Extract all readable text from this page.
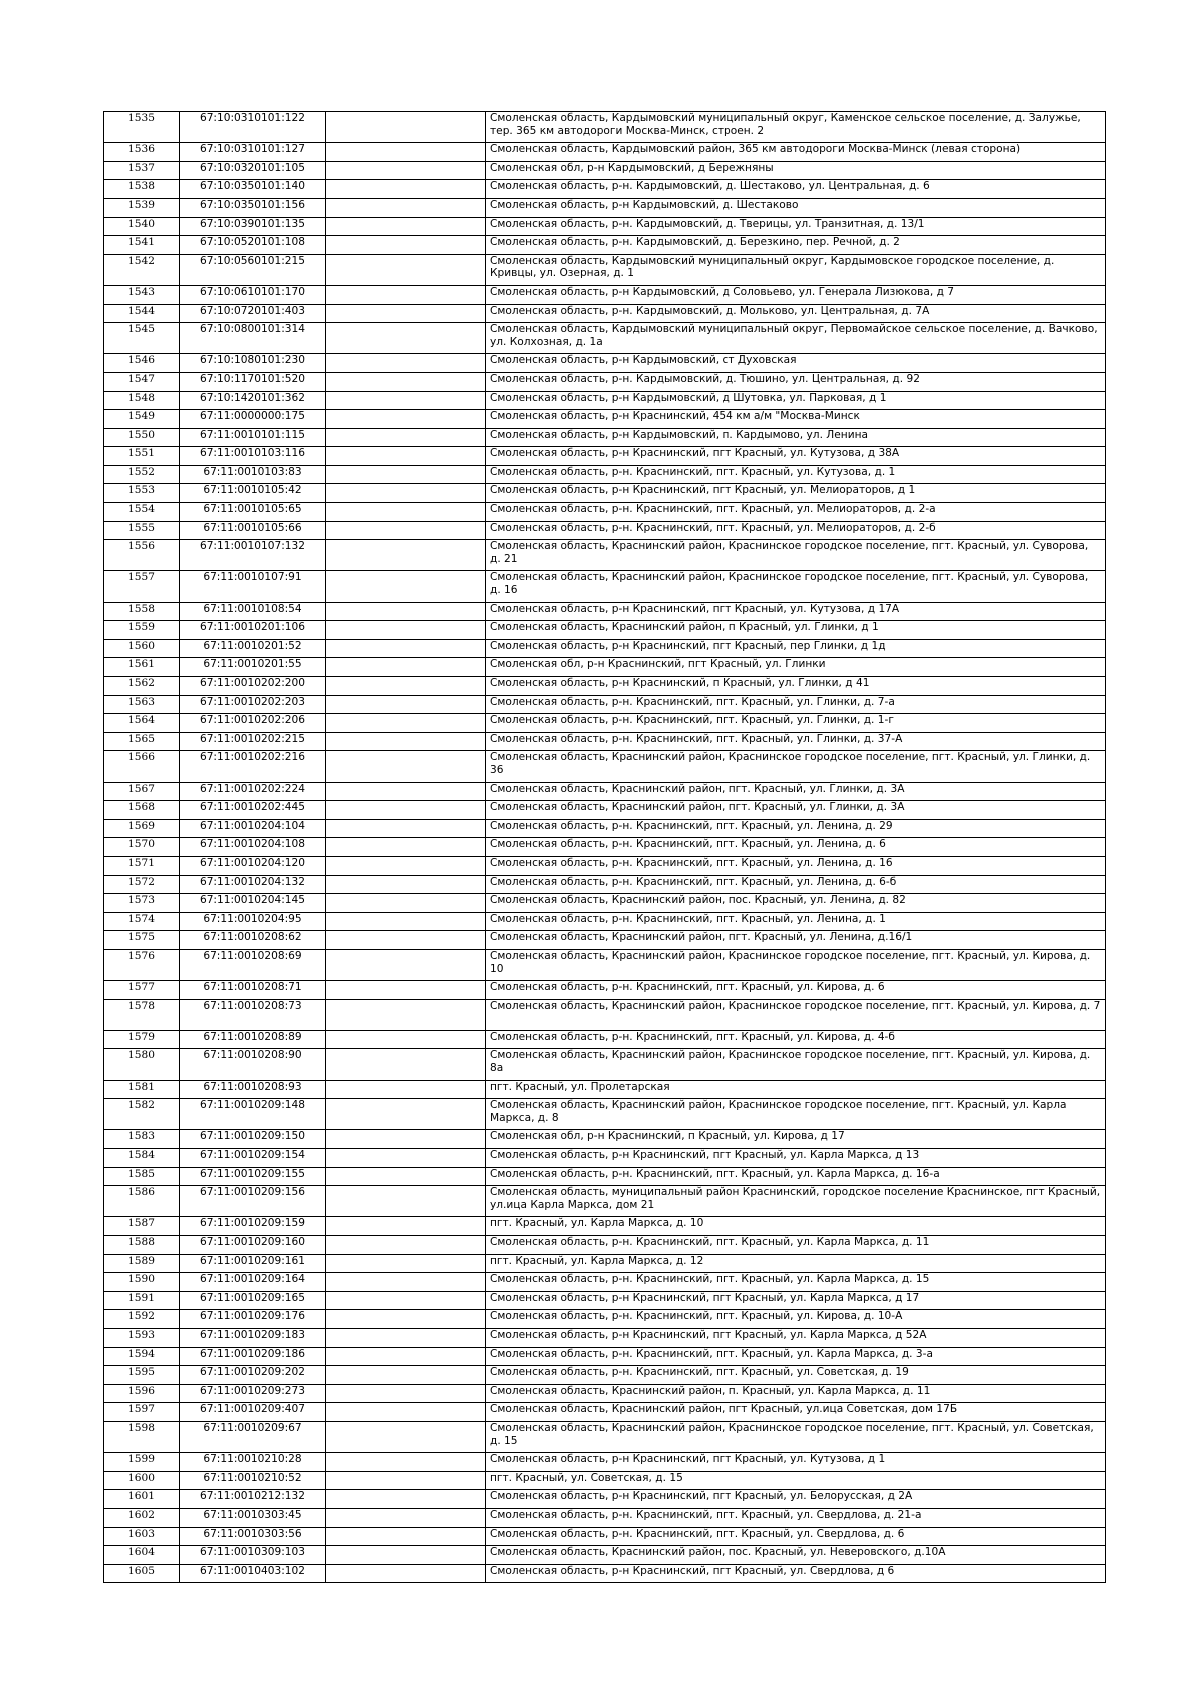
1535	67:10:0310101:122		Смоленская область, Кардымовский муниципальный округ, Каменское сельское поселение, д. Залужье, тер. 365 км автодороги Москва-Минск, строен. 2
1536	67:10:0310101:127		Смоленская область, Кардымовский район, 365 км автодороги Москва-Минск (левая сторона)
1537	67:10:0320101:105		Смоленская обл, р-н Кардымовский, д Бережняны
1538	67:10:0350101:140		Смоленская область, р-н. Кардымовский, д. Шестаково, ул. Центральная, д. 6
1539	67:10:0350101:156		Смоленская область, р-н Кардымовский, д. Шестаково
1540	67:10:0390101:135		Смоленская область, р-н. Кардымовский, д. Тверицы, ул. Транзитная, д. 13/1
1541	67:10:0520101:108		Смоленская область, р-н. Кардымовский, д. Березкино, пер. Речной, д. 2
1542	67:10:0560101:215		Смоленская область, Кардымовский муниципальный округ, Кардымовское городское поселение, д. Кривцы, ул. Озерная, д. 1
1543	67:10:0610101:170		Смоленская область, р-н Кардымовский, д Соловьево, ул. Генерала Лизюкова, д 7
1544	67:10:0720101:403		Смоленская область, р-н. Кардымовский, д. Мольково, ул. Центральная, д. 7А
1545	67:10:0800101:314		Смоленская область, Кардымовский муниципальный округ, Первомайское сельское поселение, д. Вачково, ул. Колхозная, д. 1а
1546	67:10:1080101:230		Смоленская область, р-н Кардымовский, ст Духовская
1547	67:10:1170101:520		Смоленская область, р-н. Кардымовский, д. Тюшино, ул. Центральная, д. 92
1548	67:10:1420101:362		Смоленская область, р-н Кардымовский, д Шутовка, ул. Парковая, д 1
1549	67:11:0000000:175		Смоленская область, р-н Краснинский, 454 км а/м "Москва-Минск
1550	67:11:0010101:115		Смоленская область, р-н Кардымовский, п. Кардымово, ул. Ленина
1551	67:11:0010103:116		Смоленская область, р-н Краснинский, пгт Красный, ул. Кутузова, д 38А
1552	67:11:0010103:83		Смоленская область, р-н. Краснинский, пгт. Красный, ул. Кутузова, д. 1
1553	67:11:0010105:42		Смоленская область, р-н Краснинский, пгт Красный, ул. Мелиораторов, д 1
1554	67:11:0010105:65		Смоленская область, р-н. Краснинский, пгт. Красный, ул. Мелиораторов, д. 2-а
1555	67:11:0010105:66		Смоленская область, р-н. Краснинский, пгт. Красный, ул. Мелиораторов, д. 2-б
1556	67:11:0010107:132		Смоленская область, Краснинский район, Краснинское городское поселение, пгт. Красный, ул. Суворова, д. 21
1557	67:11:0010107:91		Смоленская область, Краснинский район, Краснинское городское поселение, пгт. Красный, ул. Суворова, д. 16
1558	67:11:0010108:54		Смоленская область, р-н Краснинский, пгт Красный, ул. Кутузова, д 17А
1559	67:11:0010201:106		Смоленская область, Краснинский район, п Красный, ул. Глинки, д 1
1560	67:11:0010201:52		Смоленская область, р-н Краснинский, пгт Красный, пер Глинки, д 1д
1561	67:11:0010201:55		Смоленская обл, р-н Краснинский, пгт Красный, ул. Глинки
1562	67:11:0010202:200		Смоленская область, р-н Краснинский, п Красный, ул. Глинки, д 41
1563	67:11:0010202:203		Смоленская область, р-н. Краснинский, пгт. Красный, ул. Глинки, д. 7-а
1564	67:11:0010202:206		Смоленская область, р-н. Краснинский, пгт. Красный, ул. Глинки, д. 1-г
1565	67:11:0010202:215		Смоленская область, р-н. Краснинский, пгт. Красный, ул. Глинки, д. 37-А
1566	67:11:0010202:216		Смоленская область, Краснинский район, Краснинское городское поселение, пгт. Красный, ул. Глинки, д. 36
1567	67:11:0010202:224		Смоленская область, Краснинский район, пгт. Красный, ул. Глинки, д. 3А
1568	67:11:0010202:445		Смоленская область, Краснинский район, пгт. Красный, ул. Глинки, д. 3А
1569	67:11:0010204:104		Смоленская область, р-н. Краснинский, пгт. Красный, ул. Ленина, д. 29
1570	67:11:0010204:108		Смоленская область, р-н. Краснинский, пгт. Красный, ул. Ленина, д. 6
1571	67:11:0010204:120		Смоленская область, р-н. Краснинский, пгт. Красный, ул. Ленина, д. 16
1572	67:11:0010204:132		Смоленская область, р-н. Краснинский, пгт. Красный, ул. Ленина, д. 6-б
1573	67:11:0010204:145		Смоленская область, Краснинский район, пос. Красный, ул. Ленина, д. 82
1574	67:11:0010204:95		Смоленская область, р-н. Краснинский, пгт. Красный, ул. Ленина, д. 1
1575	67:11:0010208:62		Смоленская область, Краснинский район, пгт. Красный, ул. Ленина, д.16/1
1576	67:11:0010208:69		Смоленская область, Краснинский район, Краснинское городское поселение, пгт. Красный, ул. Кирова, д. 10
1577	67:11:0010208:71		Смоленская область, р-н. Краснинский, пгт. Красный, ул. Кирова, д. 6
1578	67:11:0010208:73		Смоленская область, Краснинский район, Краснинское городское поселение, пгт. Красный, ул. Кирова, д. 7
1579	67:11:0010208:89		Смоленская область, р-н. Краснинский, пгт. Красный, ул. Кирова, д. 4-б
1580	67:11:0010208:90		Смоленская область, Краснинский район, Краснинское городское поселение, пгт. Красный, ул. Кирова, д. 8а
1581	67:11:0010208:93		пгт. Красный, ул. Пролетарская
1582	67:11:0010209:148		Смоленская область, Краснинский район, Краснинское городское поселение, пгт. Красный, ул. Карла Маркса, д. 8
1583	67:11:0010209:150		Смоленская обл, р-н Краснинский, п Красный, ул. Кирова, д 17
1584	67:11:0010209:154		Смоленская область, р-н Краснинский, пгт Красный, ул. Карла Маркса, д 13
1585	67:11:0010209:155		Смоленская область, р-н. Краснинский, пгт. Красный, ул. Карла Маркса, д. 16-а
1586	67:11:0010209:156		Смоленская область, муниципальный район Краснинский, городское поселение Краснинское, пгт Красный, ул.ица Карла Маркса, дом 21
1587	67:11:0010209:159		пгт. Красный, ул. Карла Маркса, д. 10
1588	67:11:0010209:160		Смоленская область, р-н. Краснинский, пгт. Красный, ул. Карла Маркса, д. 11
1589	67:11:0010209:161		пгт. Красный, ул. Карла Маркса, д. 12
1590	67:11:0010209:164		Смоленская область, р-н. Краснинский, пгт. Красный, ул. Карла Маркса, д. 15
1591	67:11:0010209:165		Смоленская область, р-н Краснинский, пгт Красный, ул. Карла Маркса, д 17
1592	67:11:0010209:176		Смоленская область, р-н. Краснинский, пгт. Красный, ул. Кирова, д. 10-А
1593	67:11:0010209:183		Смоленская область, р-н Краснинский, пгт Красный, ул. Карла Маркса, д 52А
1594	67:11:0010209:186		Смоленская область, р-н. Краснинский, пгт. Красный, ул. Карла Маркса, д. 3-а
1595	67:11:0010209:202		Смоленская область, р-н. Краснинский, пгт. Красный, ул. Советская, д. 19
1596	67:11:0010209:273		Смоленская область, Краснинский район, п. Красный, ул. Карла Маркса, д. 11
1597	67:11:0010209:407		Смоленская область, Краснинский район, пгт Красный, ул.ица Советская, дом 17Б
1598	67:11:0010209:67		Смоленская область, Краснинский район, Краснинское городское поселение, пгт. Красный, ул. Советская, д. 15
1599	67:11:0010210:28		Смоленская область, р-н Краснинский, пгт Красный, ул. Кутузова, д 1
1600	67:11:0010210:52		пгт. Красный, ул. Советская, д. 15
1601	67:11:0010212:132		Смоленская область, р-н Краснинский, пгт Красный, ул. Белорусская, д 2А
1602	67:11:0010303:45		Смоленская область, р-н. Краснинский, пгт. Красный, ул. Свердлова, д. 21-а
1603	67:11:0010303:56		Смоленская область, р-н. Краснинский, пгт. Красный, ул. Свердлова, д. 6
1604	67:11:0010309:103		Смоленская область, Краснинский район, пос. Красный, ул. Неверовского, д.10А
1605	67:11:0010403:102		Смоленская область, р-н Краснинский, пгт Красный, ул. Свердлова, д 6
